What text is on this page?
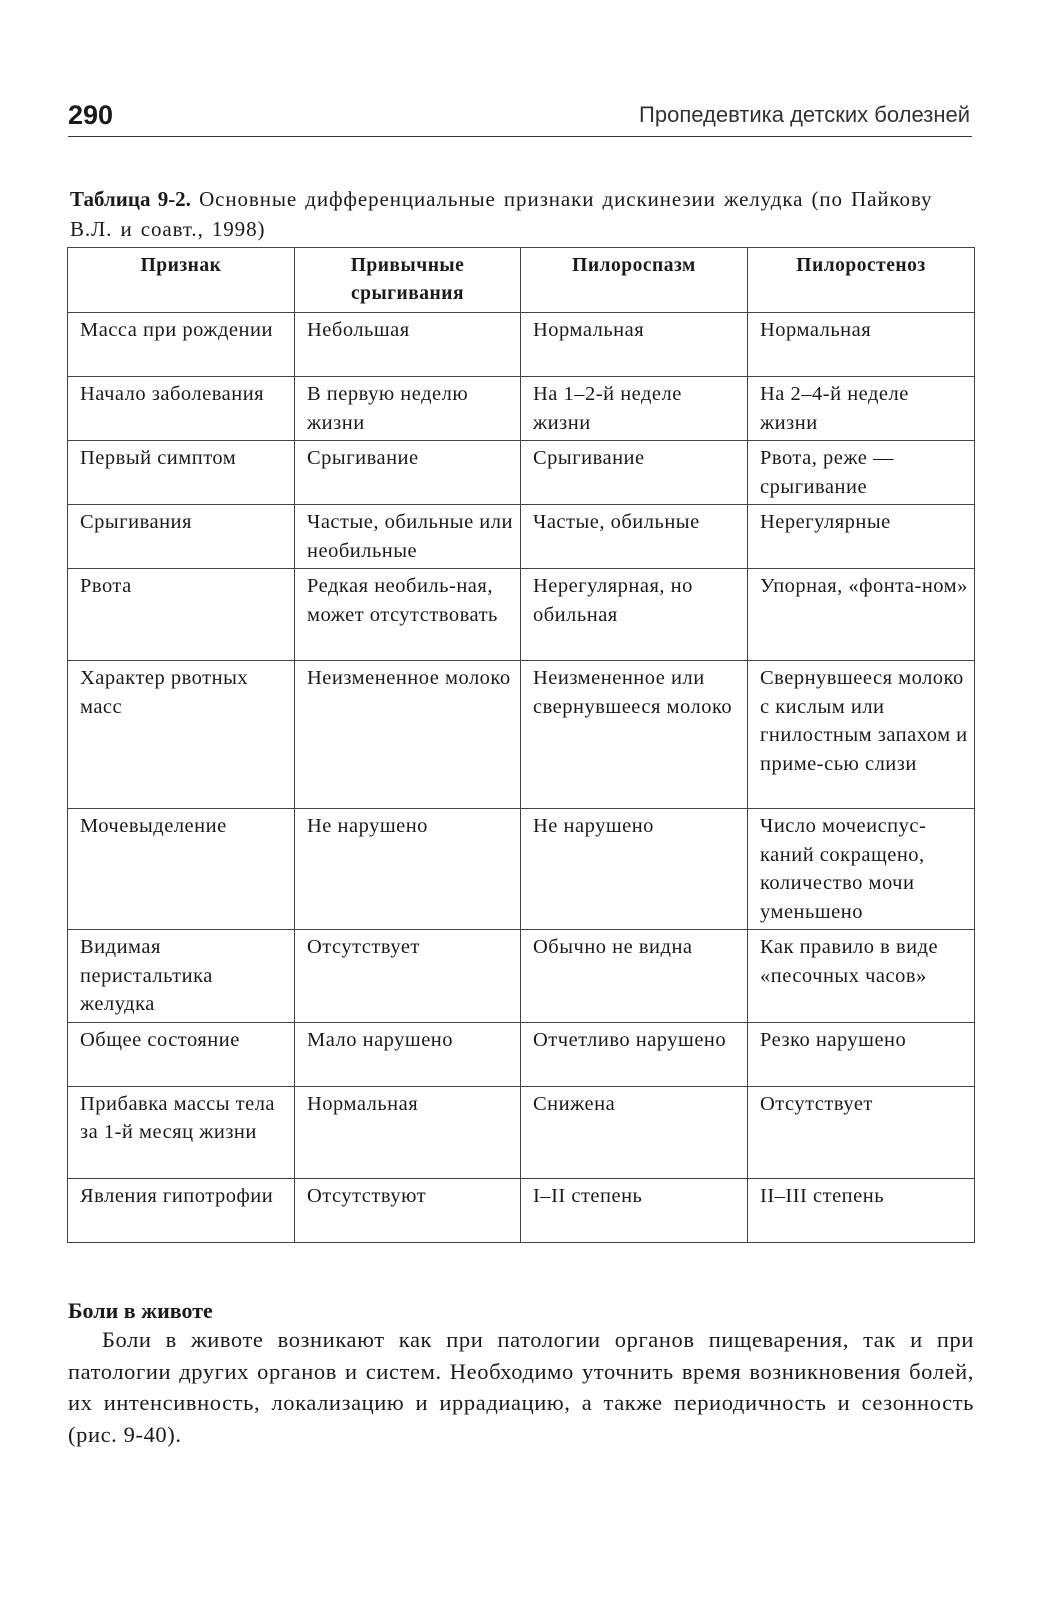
290	Пропедевтика детских болезней
Таблица 9-2. Основные дифференциальные признаки дискинезии желудка (по Пайкову В.Л. и соавт., 1998)
Признак	Привычные срыгивания	Пилороспазм	Пилоростеноз
Масса при рождении	Небольшая	Нормальная	Нормальная
Начало заболевания	В первую неделю жизни	На 1–2-й неделе жизни	На 2–4-й неделе жизни
Первый симптом	Срыгивание	Срыгивание	Рвота, реже — срыгивание
Срыгивания	Частые, обильные или необильные	Частые, обильные	Нерегулярные
Рвота	Редкая необиль-ная, может отсутствовать	Нерегулярная, но обильная	Упорная, «фонта-ном»
Характер рвотных масс	Неизмененное молоко	Неизмененное или свернувшееся молоко	Свернувшееся молоко с кислым или гнилостным запахом и приме-сью слизи
Мочевыделение	Не нарушено	Не нарушено	Число мочеиспус-каний сокращено, количество мочи уменьшено
Видимая перистальтика желудка	Отсутствует	Обычно не видна	Как правило в виде «песочных часов»
Общее состояние	Мало нарушено	Отчетливо нарушено	Резко нарушено
Прибавка массы тела за 1-й месяц жизни	Нормальная	Снижена	Отсутствует
Явления гипотрофии	Отсутствуют	I–II степень	II–III степень
Боли в животе
Боли в животе возникают как при патологии органов пищеварения, так и при патологии других органов и систем. Необходимо уточнить время возникновения болей, их интенсивность, локализацию и иррадиацию, а также периодичность и сезонность (рис. 9-40).
